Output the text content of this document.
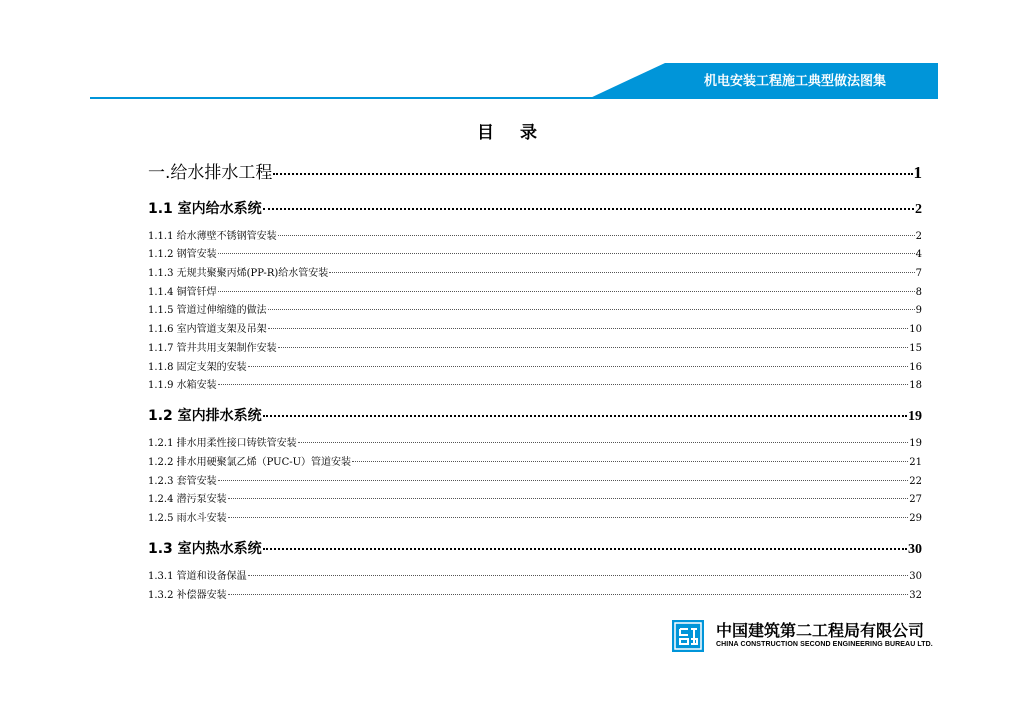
机电安装工程施工典型做法图集
目 录
一.给水排水工程	1
1.1 室内给水系统	2
1.1.1 给水薄壁不锈钢管安装	2
1.1.2 钢管安装	4
1.1.3 无规共聚聚丙烯(PP-R)给水管安装	7
1.1.4 铜管钎焊	8
1.1.5 管道过伸缩缝的做法	9
1.1.6 室内管道支架及吊架	10
1.1.7 管井共用支架制作安装	15
1.1.8 固定支架的安装	16
1.1.9 水箱安装	18
1.2 室内排水系统	19
1.2.1 排水用柔性接口铸铁管安装	19
1.2.2 排水用硬聚氯乙烯（PUC-U）管道安装	21
1.2.3 套管安装	22
1.2.4 潜污泵安装	27
1.2.5 雨水斗安装	29
1.3 室内热水系统	30
1.3.1 管道和设备保温	30
1.3.2 补偿器安装	32
中国建筑第二工程局有限公司
CHINA CONSTRUCTION SECOND ENGINEERING BUREAU LTD.
